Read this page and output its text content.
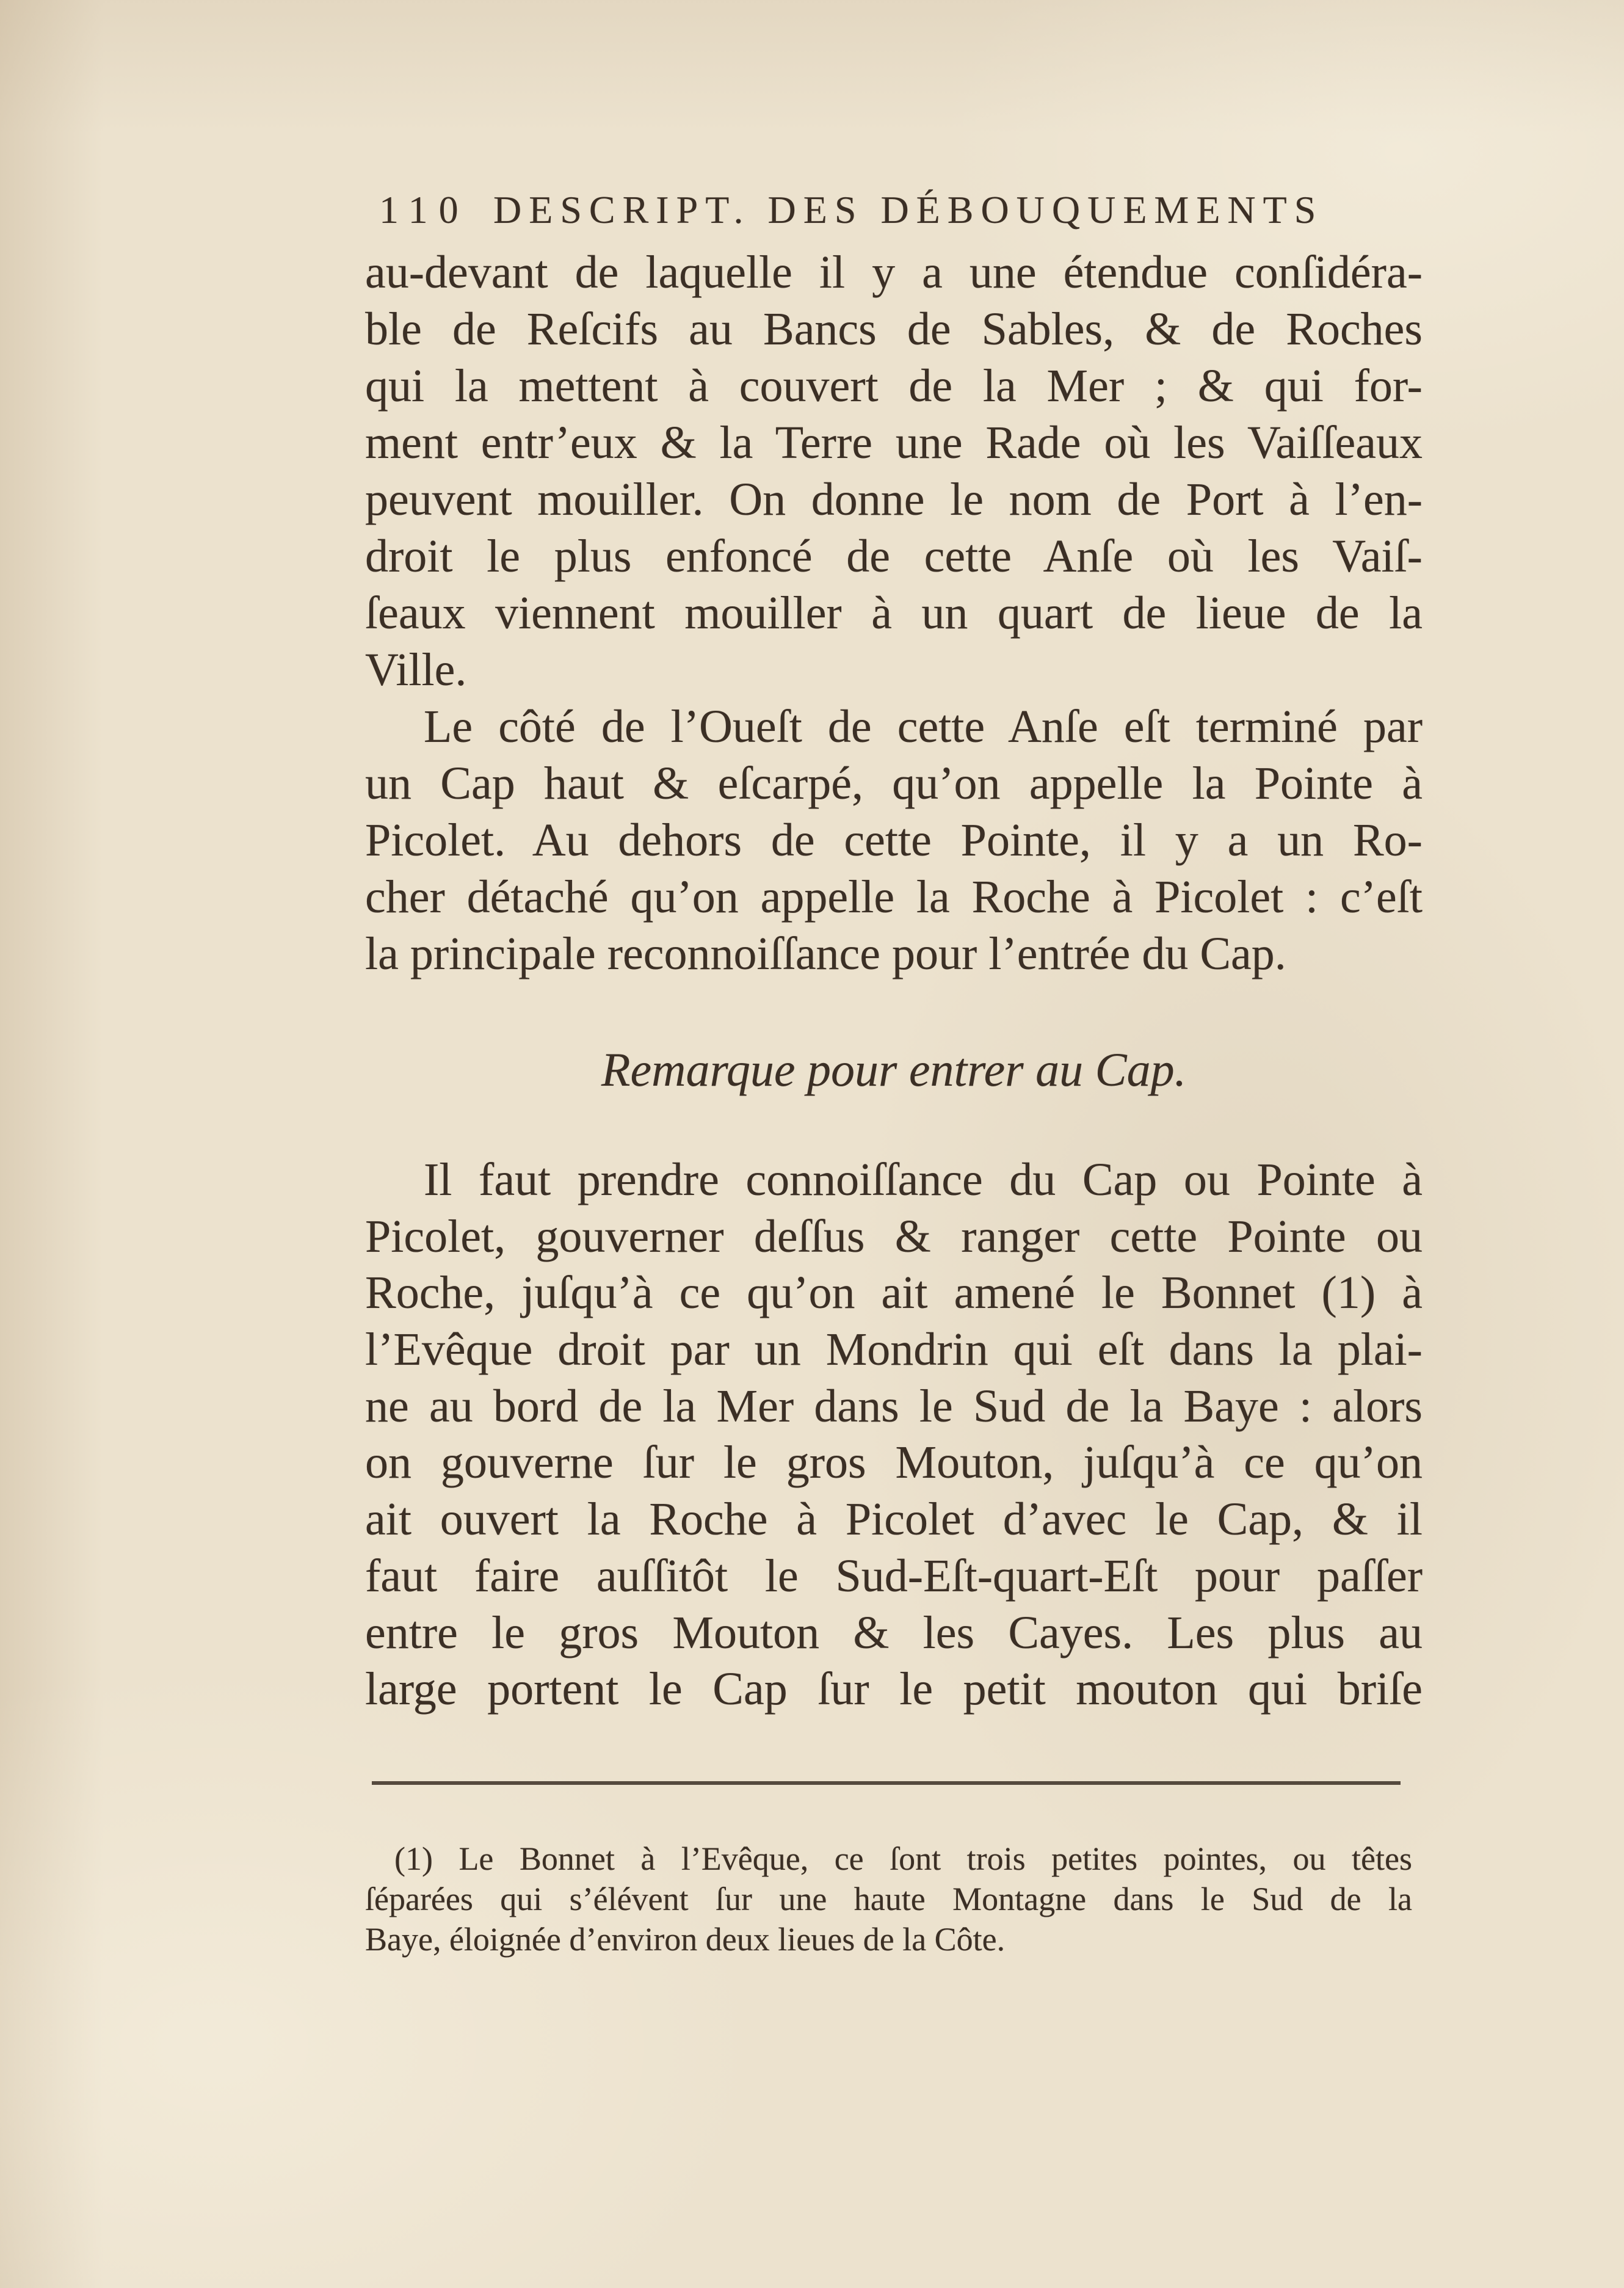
110 DESCRIPT. DES DÉBOUQUEMENTS
au-devant de laquelle il y a une étendue conſidéra-
ble de Reſcifs au Bancs de Sables, & de Roches
qui la mettent à couvert de la Mer ; & qui for-
ment entr’eux & la Terre une Rade où les Vaiſſeaux
peuvent mouiller. On donne le nom de Port à l’en-
droit le plus enfoncé de cette Anſe où les Vaiſ-
ſeaux viennent mouiller à un quart de lieue de la
Ville.
Le côté de l’Oueſt de cette Anſe eſt terminé par
un Cap haut & eſcarpé, qu’on appelle la Pointe à
Picolet. Au dehors de cette Pointe, il y a un Ro-
cher détaché qu’on appelle la Roche à Picolet : c’eſt
la principale reconnoiſſance pour l’entrée du Cap.
Remarque pour entrer au Cap.
Il faut prendre connoiſſance du Cap ou Pointe à
Picolet, gouverner deſſus & ranger cette Pointe ou
Roche, juſqu’à ce qu’on ait amené le Bonnet (1) à
l’Evêque droit par un Mondrin qui eſt dans la plai-
ne au bord de la Mer dans le Sud de la Baye : alors
on gouverne ſur le gros Mouton, juſqu’à ce qu’on
ait ouvert la Roche à Picolet d’avec le Cap, & il
faut faire auſſitôt le Sud-Eſt-quart-Eſt pour paſſer
entre le gros Mouton & les Cayes. Les plus au
large portent le Cap ſur le petit mouton qui briſe
(1) Le Bonnet à l’Evêque, ce ſont trois petites pointes, ou têtes
ſéparées qui s’élévent ſur une haute Montagne dans le Sud de la
Baye, éloignée d’environ deux lieues de la Côte.
